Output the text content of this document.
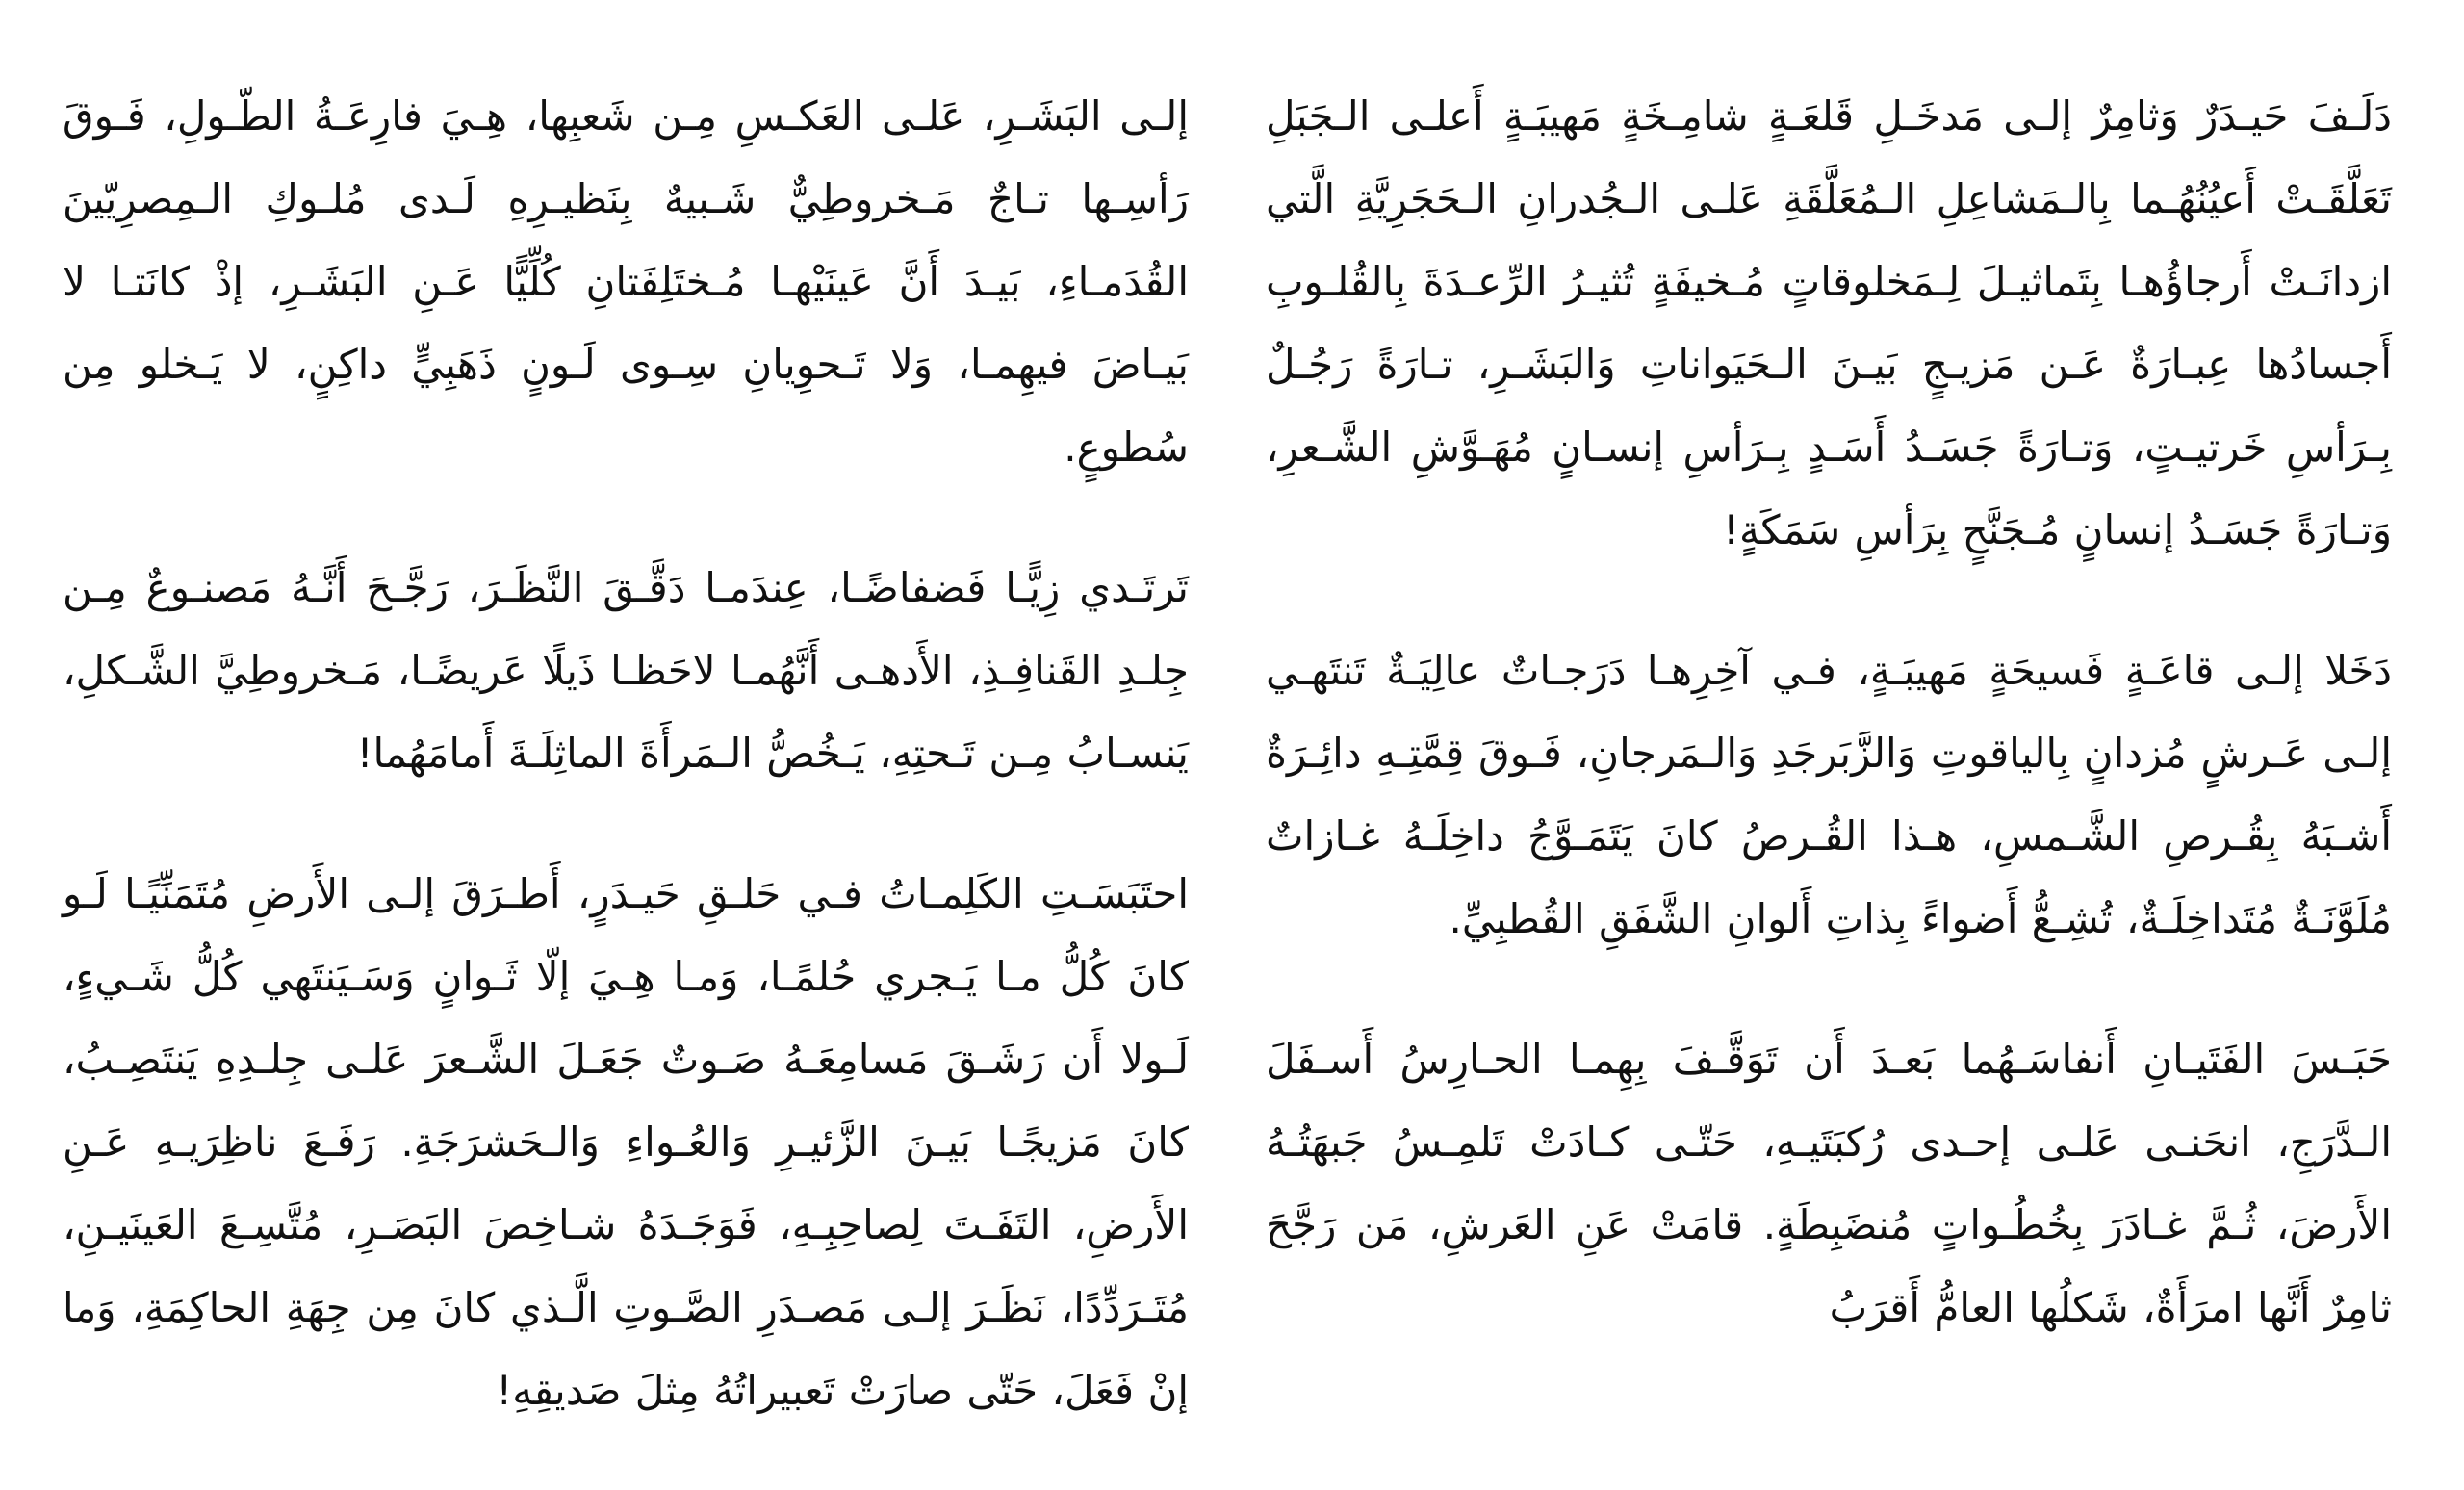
دَلَـفَ حَيـدَرٌ وَثامِرٌ إلـى مَدخَـلِ قَلعَـةٍ شامِـخَةٍ مَهيبَـةٍ أَعلـى الـجَبَلِ تَعَلَّقَـتْ أَعيُنُهُـما بِالـمَشاعِلِ الـمُعَلَّقَةِ عَلـى الـجُدرانِ الـحَجَرِيَّةِ الَّتي ازدانَـتْ أَرجاؤُهـا بِتَماثيـلَ لِـمَخلوقاتٍ مُـخيفَةٍ تُثيـرُ الرِّعـدَةَ بِالقُلـوبِ أَجسادُها عِبـارَةٌ عَـن مَزيـجٍ بَيـنَ الـحَيَواناتِ وَالبَشَـرِ، تـارَةً رَجُـلٌ بِـرَأسِ خَرتيـتٍ، وَتـارَةً جَسَـدُ أَسَـدٍ بِـرَأسِ إنسـانٍ مُهَـوَّشِ الشَّـعرِ، وَتـارَةً جَسَـدُ إنسانٍ مُـجَنَّحٍ بِرَأسِ سَمَكَةٍ!

دَخَلا إلـى قاعَـةٍ فَسيحَةٍ مَهيبَـةٍ، فـي آخِرِهـا دَرَجـاتٌ عالِيَـةٌ تَنتَهـي إلـى عَـرشٍ مُزدانٍ بِالياقوتِ وَالزَّبَرجَدِ وَالـمَرجانِ، فَـوقَ قِمَّتِـهِ دائِـرَةٌ أَشـبَهُ بِقُـرصِ الشَّـمسِ، هـذا القُـرصُ كانَ يَتَمَـوَّجُ داخِلَـهُ غـازاتٌ مُلَوَّنَـةٌ مُتَداخِلَـةٌ، تُشِـعُّ أَضواءً بِذاتِ أَلوانِ الشَّفَقِ القُطبِيِّ.

حَبَـسَ الفَتَيـانِ أَنفاسَـهُما بَعـدَ أَن تَوَقَّـفَ بِهِمـا الحـارِسُ أَسـفَلَ الـدَّرَجِ، انحَنـى عَلـى إحـدى رُكبَتَيـهِ، حَتّـى كـادَتْ تَلمِـسُ جَبهَتُـهُ الأَرضَ، ثُـمَّ غـادَرَ بِخُطُـواتٍ مُنضَبِطَةٍ. قامَتْ عَنِ العَرشِ، مَن رَجَّحَ ثامِرٌ أَنَّها امرَأَةٌ، شَكلُها العامُّ أَقرَبُ

إلـى البَشَـرِ، عَلـى العَكـسِ مِـن شَعبِها، هِـيَ فارِعَـةُ الطّـولِ، فَـوقَ رَأسِـها تـاجٌ مَـخروطِيٌّ شَـبيهٌ بِنَظيـرِهِ لَـدى مُلـوكِ الـمِصرِيّينَ القُدَمـاءِ، بَيـدَ أَنَّ عَينَيْهـا مُـختَلِفَتانِ كُلِّيًّا عَـنِ البَشَـرِ، إذْ كانَتـا لا بَيـاضَ فيهِمـا، وَلا تَـحوِيانِ سِـوى لَـونٍ ذَهَبِيٍّ داكِنٍ، لا يَـخلو مِن سُطوعٍ.

تَرتَـدي زِيًّـا فَضفاضًـا، عِندَمـا دَقَّـقَ النَّظَـرَ، رَجَّـحَ أَنَّـهُ مَصنـوعٌ مِـن جِلـدِ القَنافِـذِ، الأَدهـى أَنَّهُمـا لاحَظـا ذَيلًا عَريضًـا، مَـخروطِيَّ الشَّـكلِ، يَنسـابُ مِـن تَـحتِهِ، يَـخُصُّ الـمَرأَةَ الماثِلَـةَ أَمامَهُما!

احتَبَسَـتِ الكَلِمـاتُ فـي حَلـقِ حَيـدَرٍ، أَطـرَقَ إلـى الأَرضِ مُتَمَنِّيًـا لَـو كانَ كُلُّ مـا يَـجري حُلمًـا، وَمـا هِـيَ إلّا ثَـوانٍ وَسَـيَنتَهي كُلُّ شَـيءٍ، لَـولا أَن رَشَـقَ مَسامِعَـهُ صَـوتٌ جَعَـلَ الشَّـعرَ عَلـى جِلـدِهِ يَنتَصِـبُ، كانَ مَزيجًـا بَيـنَ الزَّئيـرِ وَالعُـواءِ وَالـحَشرَجَةِ. رَفَـعَ ناظِرَيـهِ عَـنِ الأَرضِ، التَفَـتَ لِصاحِبِـهِ، فَوَجَـدَهُ شـاخِصَ البَصَـرِ، مُتَّسِـعَ العَينَيـنِ، مُتَـرَدِّدًا، نَظَـرَ إلـى مَصـدَرِ الصَّـوتِ الَّـذي كانَ مِن جِهَةِ الحاكِمَةِ، وَما إنْ فَعَلَ، حَتّى صارَتْ تَعبيراتُهُ مِثلَ صَديقِهِ!
